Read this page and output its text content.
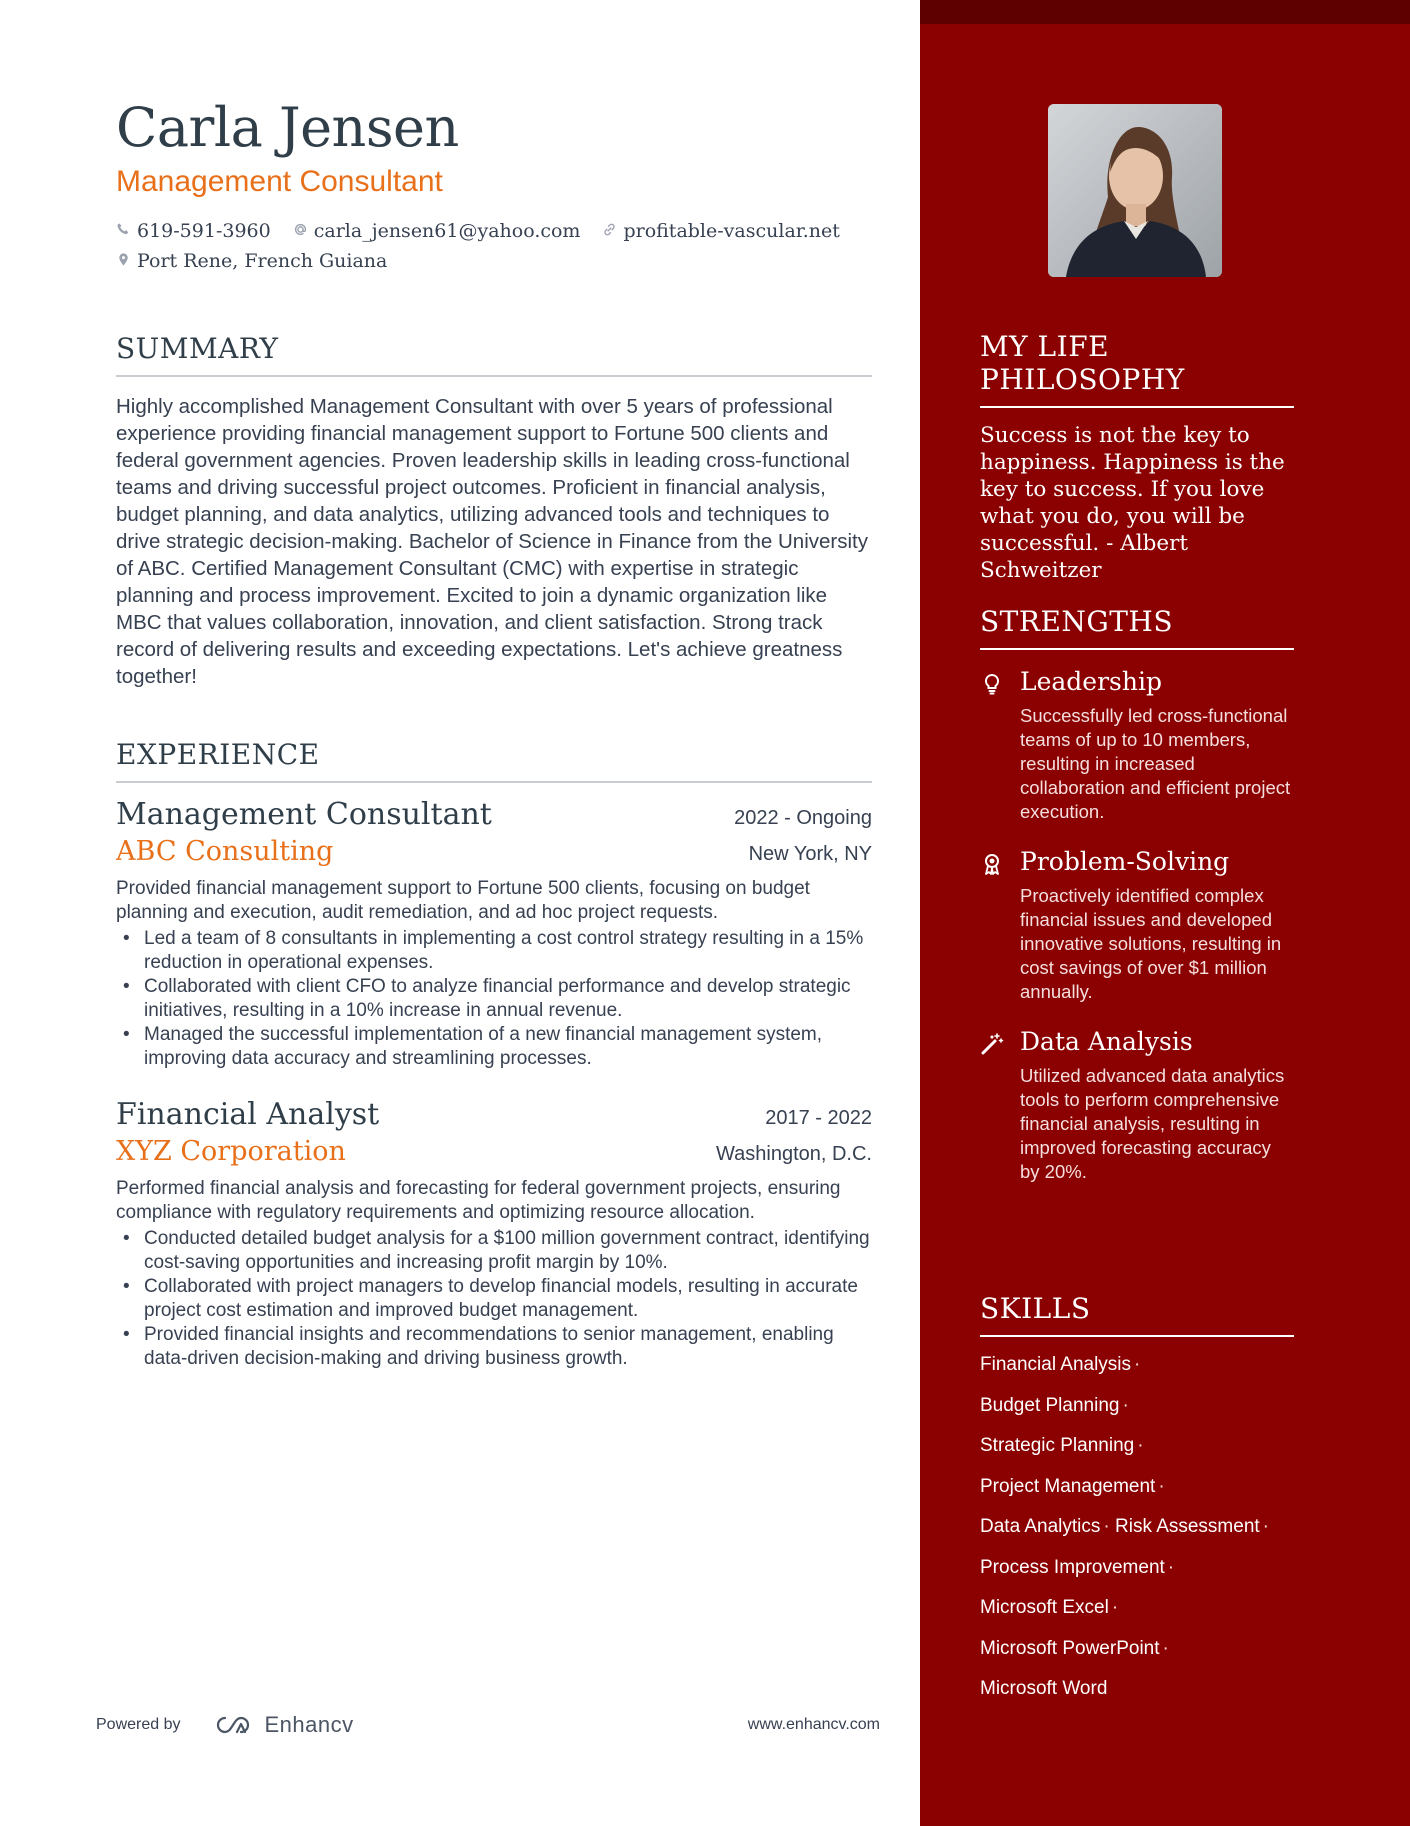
Carla Jensen
Management Consultant
619-591-3960 carla_jensen61@yahoo.com profitable-vascular.net
Port Rene, French Guiana
SUMMARY

Highly accomplished Management Consultant with over 5 years of professional experience providing financial management support to Fortune 500 clients and federal government agencies. Proven leadership skills in leading cross-functional teams and driving successful project outcomes. Proficient in financial analysis, budget planning, and data analytics, utilizing advanced tools and techniques to drive strategic decision-making. Bachelor of Science in Finance from the University of ABC. Certified Management Consultant (CMC) with expertise in strategic planning and process improvement. Excited to join a dynamic organization like MBC that values collaboration, innovation, and client satisfaction. Strong track record of delivering results and exceeding expectations. Let's achieve greatness together!

EXPERIENCE
Management Consultant	2022 - Ongoing
ABC Consulting	New York, NY

Provided financial management support to Fortune 500 clients, focusing on budget planning and execution, audit remediation, and ad hoc project requests.

• Led a team of 8 consultants in implementing a cost control strategy resulting in a 15% reduction in operational expenses.
• Collaborated with client CFO to analyze financial performance and develop strategic initiatives, resulting in a 10% increase in annual revenue.
• Managed the successful implementation of a new financial management system, improving data accuracy and streamlining processes.
Financial Analyst	2017 - 2022
XYZ Corporation	Washington, D.C.

Performed financial analysis and forecasting for federal government projects, ensuring compliance with regulatory requirements and optimizing resource allocation.

• Conducted detailed budget analysis for a $100 million government contract, identifying cost-saving opportunities and increasing profit margin by 10%.
• Collaborated with project managers to develop financial models, resulting in accurate project cost estimation and improved budget management.
• Provided financial insights and recommendations to senior management, enabling data-driven decision-making and driving business growth.
Powered by	Enhancv	www.enhancv.com
MY LIFE PHILOSOPHY

Success is not the key to happiness. Happiness is the key to success. If you love what you do, you will be successful. - Albert Schweitzer

STRENGTHS
Leadership

Successfully led cross-functional teams of up to 10 members, resulting in increased collaboration and efficient project execution.

Problem-Solving

Proactively identified complex financial issues and developed innovative solutions, resulting in cost savings of over $1 million annually.

Data Analysis

Utilized advanced data analytics tools to perform comprehensive financial analysis, resulting in improved forecasting accuracy by 20%.

SKILLS
Financial Analysis ·
Budget Planning ·
Strategic Planning ·
Project Management ·
Data Analytics · Risk Assessment ·
Process Improvement ·
Microsoft Excel ·
Microsoft PowerPoint ·
Microsoft Word
